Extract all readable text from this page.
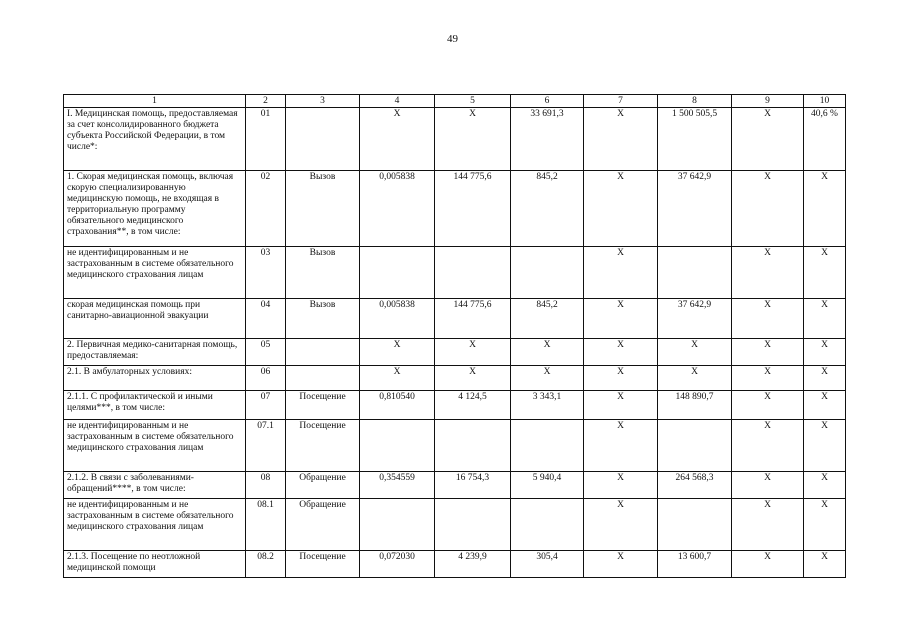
49
1	2	3	4	5	6	7	8	9	10
I. Медицинская помощь, предоставляемая за счет консолидированного бюджета субъекта Российской Федерации, в том числе*:	01		X	X	33 691,3	X	1 500 505,5	X	40,6 %
1. Скорая медицинская помощь, включая скорую специализированную медицинскую помощь, не входящая в территориальную программу обязательного медицинского страхования**, в том числе:	02	Вызов	0,005838	144 775,6	845,2	X	37 642,9	X	X
не идентифицированным и не застрахованным в системе обязательного медицинского страхования лицам	03	Вызов				X		X	X
скорая медицинская помощь при санитарно-авиационной эвакуации	04	Вызов	0,005838	144 775,6	845,2	X	37 642,9	X	X
2. Первичная медико-санитарная помощь, предоставляемая:	05		X	X	X	X	X	X	X
2.1. В амбулаторных условиях:	06		X	X	X	X	X	X	X
2.1.1. С профилактической и иными целями***, в том числе:	07	Посещение	0,810540	4 124,5	3 343,1	X	148 890,7	X	X
не идентифицированным и не застрахованным в системе обязательного медицинского страхования лицам	07.1	Посещение				X		X	X
2.1.2. В связи с заболеваниями-обращений****, в том числе:	08	Обращение	0,354559	16 754,3	5 940,4	X	264 568,3	X	X
не идентифицированным и не застрахованным в системе обязательного медицинского страхования лицам	08.1	Обращение				X		X	X
2.1.3. Посещение по неотложной медицинской помощи	08.2	Посещение	0,072030	4 239,9	305,4	X	13 600,7	X	X
